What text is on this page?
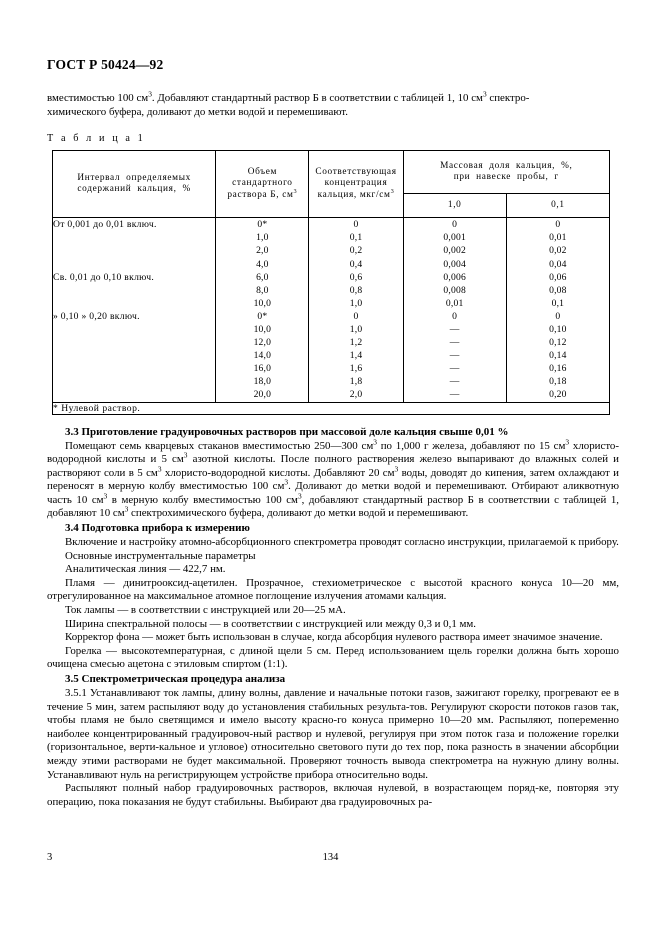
ГОСТ Р 50424—92

вместимостью 100 $см^3$. Добавляют стандартный раствор Б в соответствии с таблицей 1, 10 $см^3$ спектро-
химического буфера, доливают до метки водой и перемешивают.

Т а б л и ц а 1
Интервал  определяемых
содержаний  кальция,  %	Объем
стандартного
раствора Б, $см^3$	Соответствующая
концентрация
кальция, мкг/$см^3$	Массовая  доля  кальция,  %,
при  навеске  пробы,  г	
			1,0	0,1
От 0,001 до 0,01 включ.	0*	0	0	0
	1,0	0,1	0,001	0,01
	2,0	0,2	0,002	0,02
	4,0	0,4	0,004	0,04
Св. 0,01 до 0,10 включ.	6,0	0,6	0,006	0,06
	8,0	0,8	0,008	0,08
	10,0	1,0	0,01	0,1
» 0,10 » 0,20 включ.	0*	0	0	0
	10,0	1,0	—	0,10
	12,0	1,2	—	0,12
	14,0	1,4	—	0,14
	16,0	1,6	—	0,16
	18,0	1,8	—	0,18
	20,0	2,0	—	0,20
* Нулевой раствор.				
3.3 Приготовление градуировочных растворов при массовой доле кальция свыше 0,01 %

Помещают семь кварцевых стаканов вместимостью 250—300 $см^3$ по 1,000 г железа, добавляют по 15 $см^3$ хлористо-водородной кислоты и 5 $см^3$ азотной кислоты. После полного растворения железо выпаривают до влажных солей и растворяют соли в 5 $см^3$ хлористо-водородной кислоты. Добавляют 20 $см^3$ воды, доводят до кипения, затем охлаждают и переносят в мерную колбу вместимостью 100 $см^3$. Доливают до метки водой и перемешивают. Отбирают аликвотную часть 10 $см^3$ в мерную колбу вместимостью 100 $см^3$, добавляют стандартный раствор Б в соответствии с таблицей 1, добавляют 10 $см^3$ спектрохимического буфера, доливают до метки водой и перемешивают.

3.4 Подготовка прибора к измерению

Включение и настройку атомно-абсорбционного спектрометра проводят согласно инструкции, прилагаемой к прибору.

Основные инструментальные параметры

Аналитическая линия — 422,7 нм.

Пламя — динитрооксид-ацетилен. Прозрачное, стехиометрическое с высотой красного конуса 10—20 мм, отрегулированное на максимальное атомное поглощение излучения атомами кальция.

Ток лампы — в соответствии с инструкцией или 20—25 мА.

Ширина спектральной полосы — в соответствии с инструкцией или между 0,3 и 0,1 мм.

Корректор фона — может быть использован в случае, когда абсорбция нулевого раствора имеет значимое значение.

Горелка — высокотемпературная, с длиной щели 5 см. Перед использованием щель горелки должна быть хорошо очищена смесью ацетона с этиловым спиртом (1:1).

3.5 Спектрометрическая процедура анализа

3.5.1 Устанавливают ток лампы, длину волны, давление и начальные потоки газов, зажигают горелку, прогревают ее в течение 5 мин, затем распыляют воду до установления стабильных результа-тов. Регулируют скорости потоков газов так, чтобы пламя не было светящимся и имело высоту красно-го конуса примерно 10—20 мм. Распыляют, попеременно наиболее концентрированный градуировоч-ный раствор и нулевой, регулируя при этом поток газа и положение горелки (горизонтальное, верти-кальное и угловое) относительно светового пути до тех пор, пока разность в значении абсорбции между этими растворами не будет максимальной. Проверяют точность вывода спектрометра на нужную длину волны. Устанавливают нуль на регистрирующем устройстве прибора относительно воды.

Распыляют полный набор градуировочных растворов, включая нулевой, в возрастающем поряд-ке, повторяя эту операцию, пока показания не будут стабильны. Выбирают два градуировочных ра-

3	134
